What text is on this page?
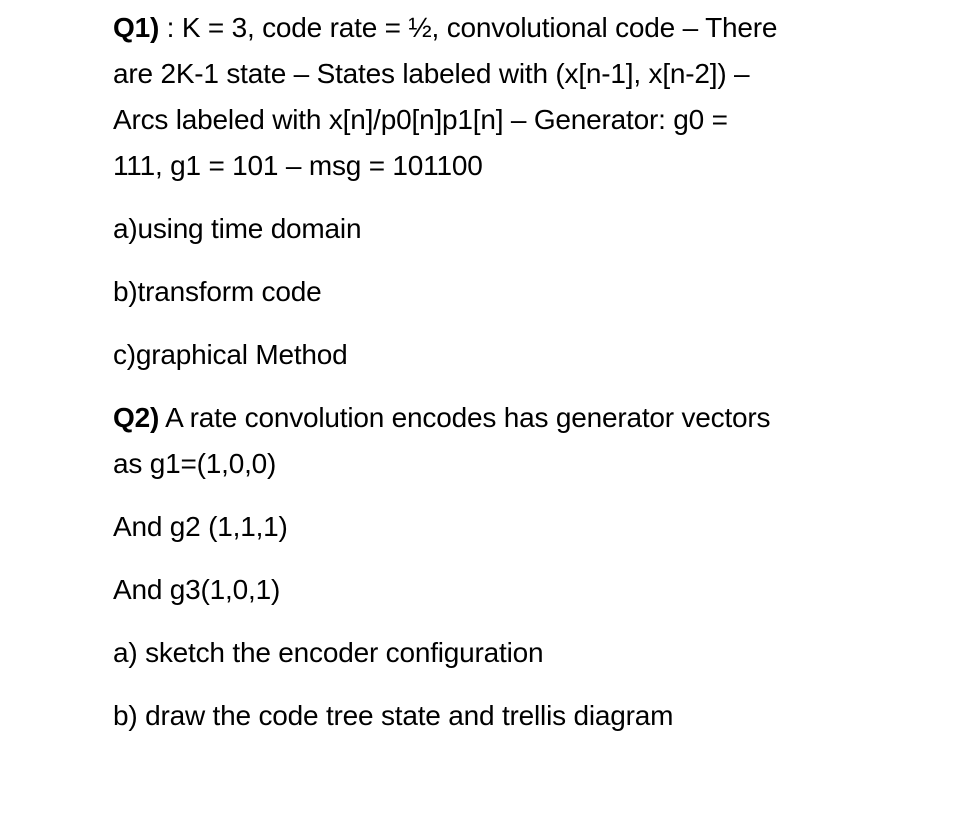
Q1) : K = 3, code rate = ½, convolutional code – There
are 2K-1 state – States labeled with (x[n-1], x[n-2]) –
Arcs labeled with x[n]/p0[n]p1[n] – Generator: g0 =
111, g1 = 101 – msg = 101100

a)using time domain

b)transform code

c)graphical Method

Q2) A rate convolution encodes has generator vectors
as g1=(1,0,0)

And g2 (1,1,1)

And g3(1,0,1)

a) sketch the encoder configuration

b) draw the code tree state and trellis diagram
